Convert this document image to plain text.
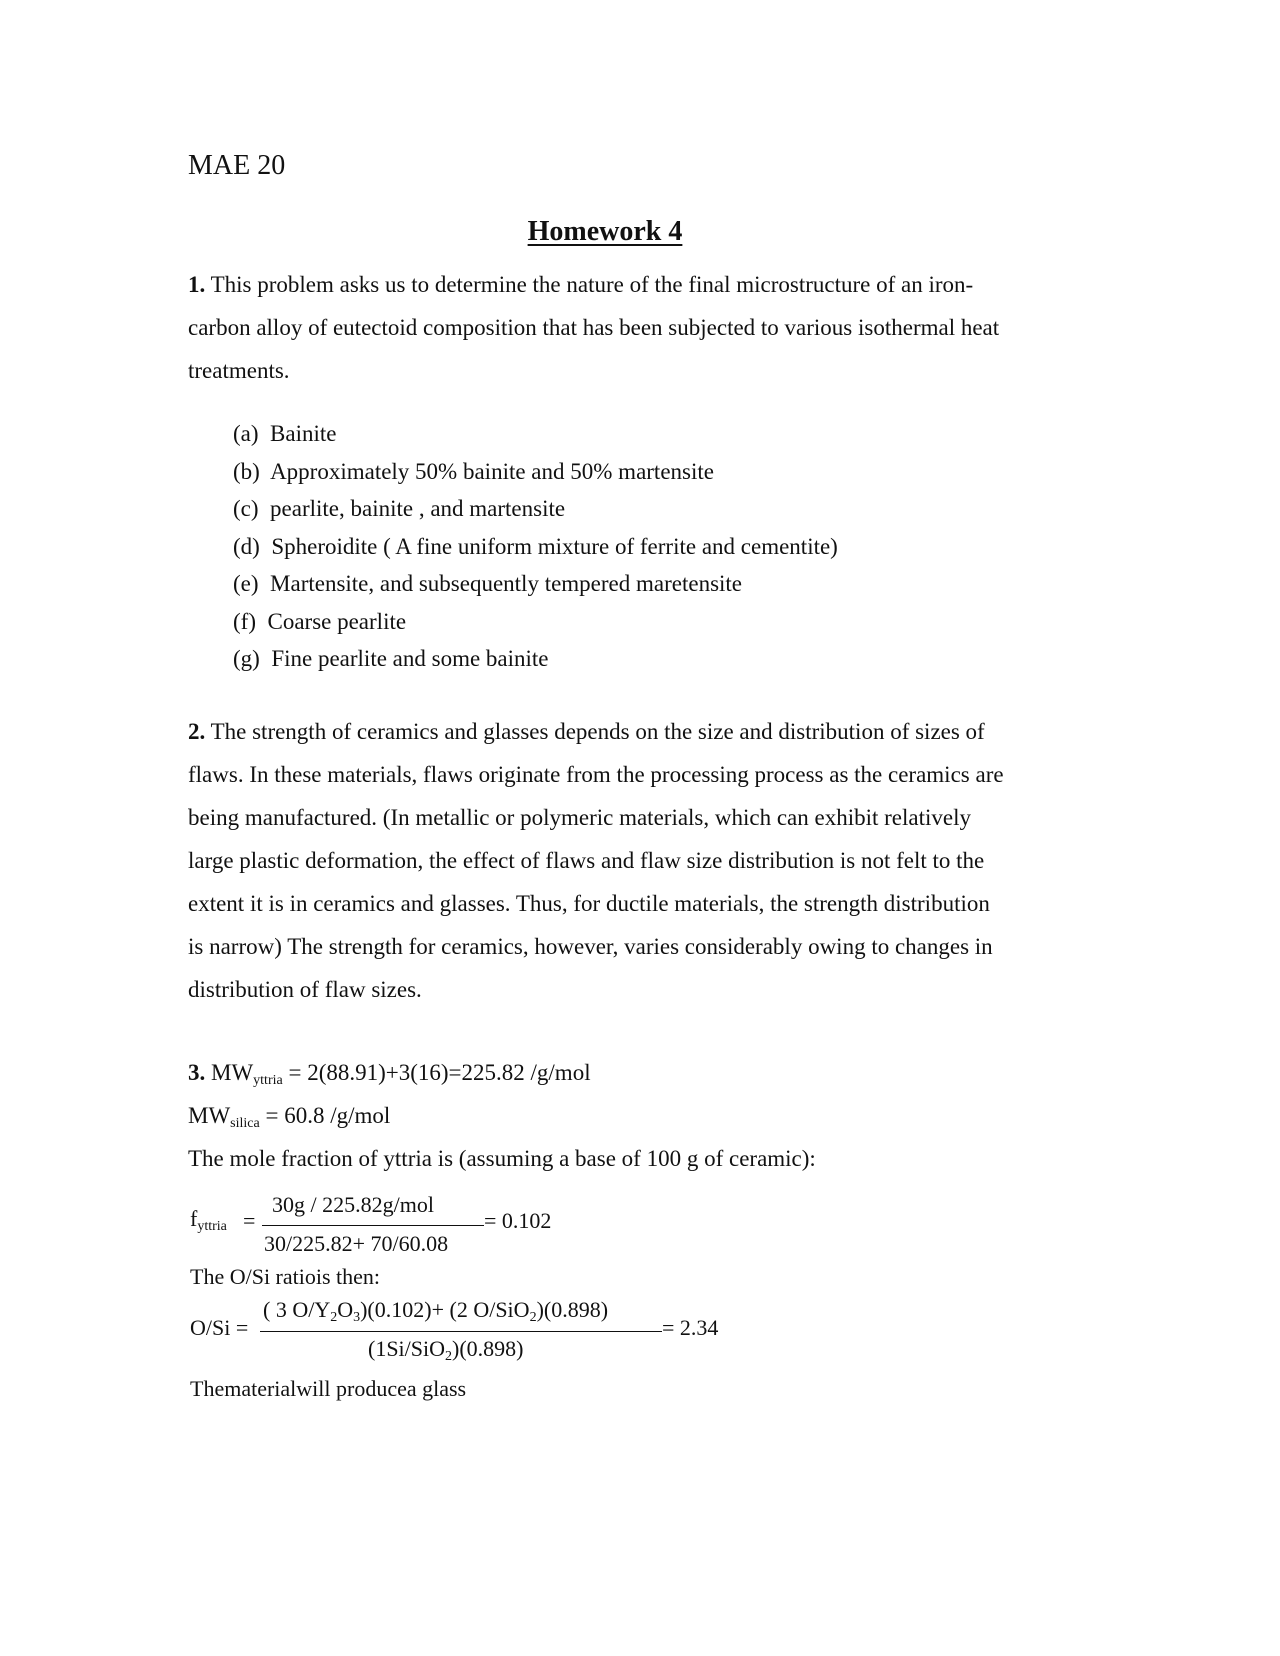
MAE 20
Homework 4
1. This problem asks us to determine the nature of the final microstructure of an iron-
carbon alloy of eutectoid composition that has been subjected to various isothermal heat
treatments.
(a) Bainite
(b) Approximately 50% bainite and 50% martensite
(c) pearlite, bainite , and martensite
(d) Spheroidite ( A fine uniform mixture of ferrite and cementite)
(e) Martensite, and subsequently tempered maretensite
(f) Coarse pearlite
(g) Fine pearlite and some bainite
2. The strength of ceramics and glasses depends on the size and distribution of sizes of
flaws. In these materials, flaws originate from the processing process as the ceramics are
being manufactured. (In metallic or polymeric materials, which can exhibit relatively
large plastic deformation, the effect of flaws and flaw size distribution is not felt to the
extent it is in ceramics and glasses. Thus, for ductile materials, the strength distribution
is narrow) The strength for ceramics, however, varies considerably owing to changes in
distribution of flaw sizes.
3. $MW_{yttria} = 2(88.91)+3(16)=225.82$ /g/mol
$MW_{silica} = 60.8$ /g/mol
The mole fraction of yttria is (assuming a base of 100 g of ceramic):
$f_{yttria}$ =
30g / 225.82g/mol
30/225.82+ 70/60.08
= 0.102
The O/Si ratiois then:
O/Si =
( 3 $O/Y_2O_3)(0.102)+ (2$ O/SiO$_2$)(0.898)
(1Si/SiO$_2$)(0.898)
= 2.34
Thematerialwill producea glass
